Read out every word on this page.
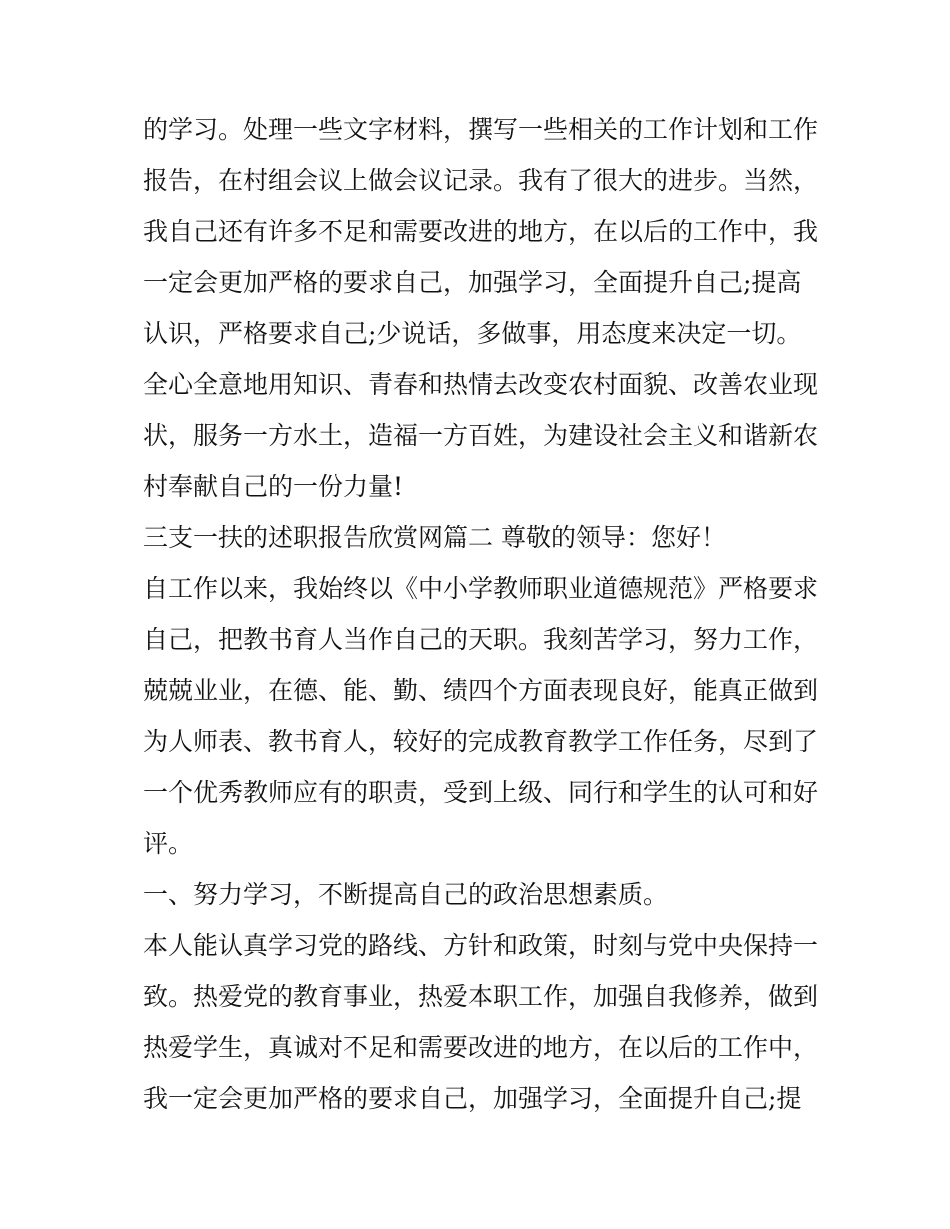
的学习。处理一些文字材料，撰写一些相关的工作计划和工作

报告，在村组会议上做会议记录。我有了很大的进步。当然，

我自己还有许多不足和需要改进的地方，在以后的工作中，我

一定会更加严格的要求自己，加强学习，全面提升自己;提高

认识，严格要求自己;少说话，多做事，用态度来决定一切。

全心全意地用知识、青春和热情去改变农村面貌、改善农业现

状，服务一方水土，造福一方百姓，为建设社会主义和谐新农

村奉献自己的一份力量!

三支一扶的述职报告欣赏网篇二 尊敬的领导：您好！

自工作以来，我始终以《中小学教师职业道德规范》严格要求

自己，把教书育人当作自己的天职。我刻苦学习，努力工作，

兢兢业业，在德、能、勤、绩四个方面表现良好，能真正做到

为人师表、教书育人，较好的完成教育教学工作任务，尽到了

一个优秀教师应有的职责，受到上级、同行和学生的认可和好

评。

一、努力学习，不断提高自己的政治思想素质。

本人能认真学习党的路线、方针和政策，时刻与党中央保持一

致。热爱党的教育事业，热爱本职工作，加强自我修养，做到

热爱学生，真诚对不足和需要改进的地方，在以后的工作中，

我一定会更加严格的要求自己，加强学习，全面提升自己;提
